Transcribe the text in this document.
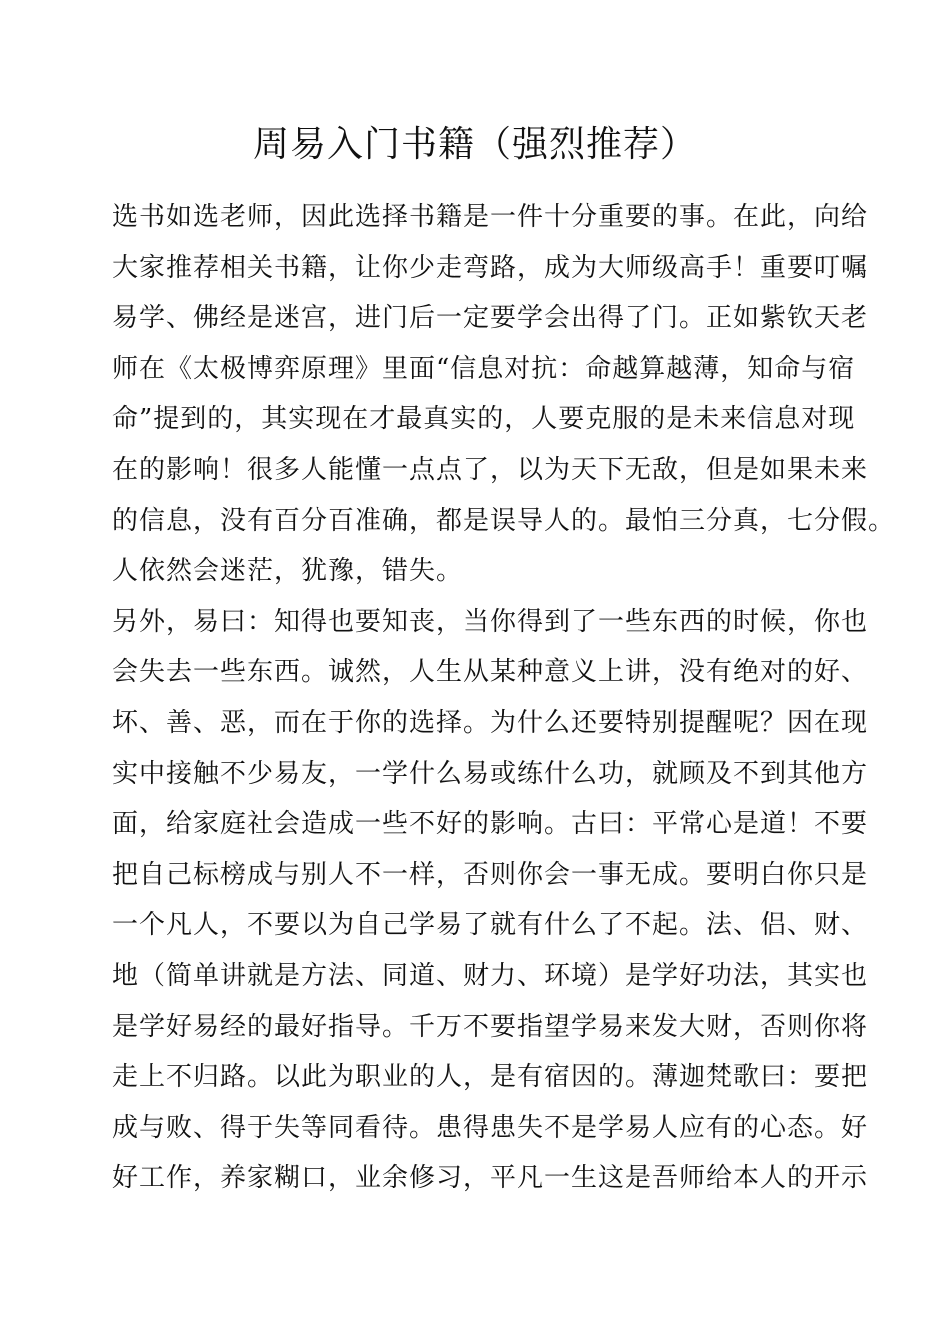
周易入门书籍（强烈推荐）
选书如选老师，因此选择书籍是一件十分重要的事。在此，向给
大家推荐相关书籍，让你少走弯路，成为大师级高手！重要叮嘱
易学、佛经是迷宫，进门后一定要学会出得了门。正如紫钦天老
师在《太极博弈原理》里面“信息对抗：命越算越薄，知命与宿
命”提到的，其实现在才最真实的，人要克服的是未来信息对现
在的影响！很多人能懂一点点了，以为天下无敌，但是如果未来
的信息，没有百分百准确，都是误导人的。最怕三分真，七分假。
人依然会迷茫，犹豫，错失。
另外，易曰：知得也要知丧，当你得到了一些东西的时候，你也
会失去一些东西。诚然，人生从某种意义上讲，没有绝对的好、
坏、善、恶，而在于你的选择。为什么还要特别提醒呢？因在现
实中接触不少易友，一学什么易或练什么功，就顾及不到其他方
面，给家庭社会造成一些不好的影响。古曰：平常心是道！不要
把自己标榜成与别人不一样，否则你会一事无成。要明白你只是
一个凡人，不要以为自己学易了就有什么了不起。法、侣、财、
地（简单讲就是方法、同道、财力、环境）是学好功法，其实也
是学好易经的最好指导。千万不要指望学易来发大财，否则你将
走上不归路。以此为职业的人，是有宿因的。薄迦梵歌曰：要把
成与败、得于失等同看待。患得患失不是学易人应有的心态。好
好工作，养家糊口，业余修习，平凡一生这是吾师给本人的开示
